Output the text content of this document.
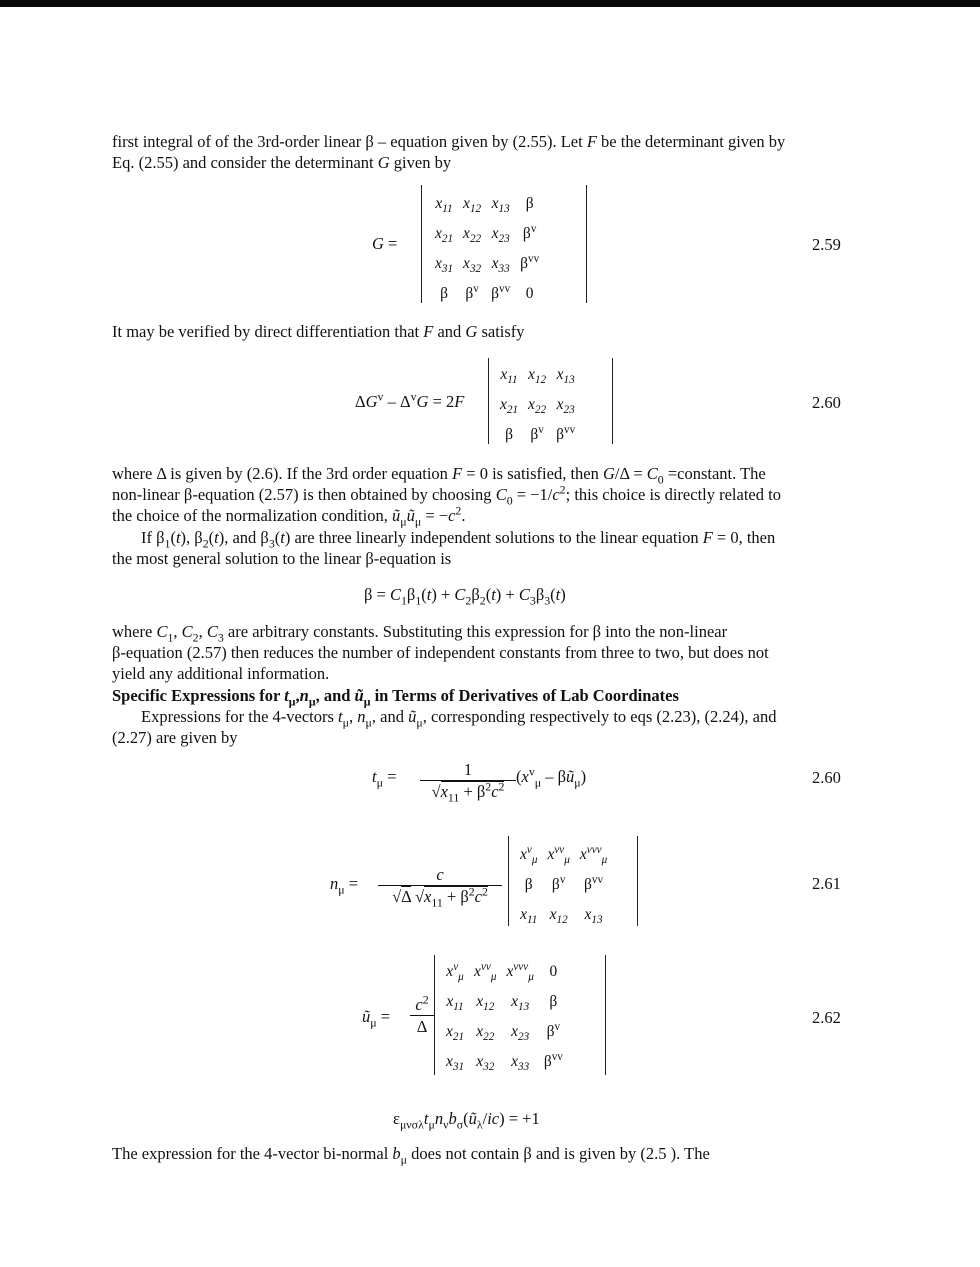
first integral of of the 3rd-order linear β – equation given by (2.55). Let F be the determinant given by
Eq. (2.55) and consider the determinant G given by
G =
$x_{11}$	$x_{12}$	$x_{13}$	β
$x_{21}$	$x_{22}$	$x_{23}$	$\beta^v$
$x_{31}$	$x_{32}$	$x_{33}$	$\beta^{vv}$
β	$\beta^v$	$\beta^{vv}$	0
2.59
It may be verified by direct differentiation that F and G satisfy
$\Delta G^v - \Delta^vG = 2F$
$x_{11}$	$x_{12}$	$x_{13}$
$x_{21}$	$x_{22}$	$x_{23}$
β	$\beta^v$	$\beta^{vv}$
2.60
where Δ is given by (2.6). If the 3rd order equation F = 0 is satisfied, then $G/\Delta = C_0$ =constant. The
non-linear β-equation (2.57) is then obtained by choosing $C_0 = -1/c^2$; this choice is directly related to
the choice of the normalization condition, $ũ_\mu ũ_\mu = -c^2$.
If $\beta_1(t)$, $\beta_2(t)$, and $\beta_3(t)$ are three linearly independent solutions to the linear equation F = 0, then
the most general solution to the linear β-equation is
$\beta = C_1\beta_1(t) + C_2\beta_2(t) + C_3\beta_3(t)$
where $C_1$, $C_2$, $C_3$ are arbitrary constants. Substituting this expression for β into the non-linear
β-equation (2.57) then reduces the number of independent constants from three to two, but does not
yield any additional information.
Specific Expressions for $t_\mu,n_\mu$, and $ũ_\mu$ in Terms of Derivatives of Lab Coordinates
Expressions for the 4-vectors $t_\mu$, $n_\mu$, and $ũ_\mu$, corresponding respectively to eqs (2.23), (2.24), and
(2.27) are given by
$t_\mu = \frac{1}{√x_{11} + \beta^2c^2} (x^v_\mu$ – $\beta ũ_\mu$)	2.60
$n_\mu = \frac{c}{√\Delta √x_{11} + \beta^2c^2}$
$x^v_\mu$	$x^{vv}_\mu$	$x^{vvv}_\mu$
β	$\beta^v$	$\beta^{vv}$
$x_{11}$	$x_{12}$	$x_{13}$
2.61
$ũ_\mu = \frac{c^2}{\Delta}$
$x^v_\mu$	$x^{vv}_\mu$	$x^{vvv}_\mu$	0
$x_{11}$	$x_{12}$	$x_{13}$	β
$x_{21}$	$x_{22}$	$x_{23}$	$\beta^v$
$x_{31}$	$x_{32}$	$x_{33}$	$\beta^{vv}$
2.62
$\varepsilon_{\mu\nu\sigma\lambda}t_\mu n_\nu b_\sigma(ũ_\lambda/ic) = +1$
The expression for the 4-vector bi-normal $b_\mu$ does not contain β and is given by (2.5 ). The
